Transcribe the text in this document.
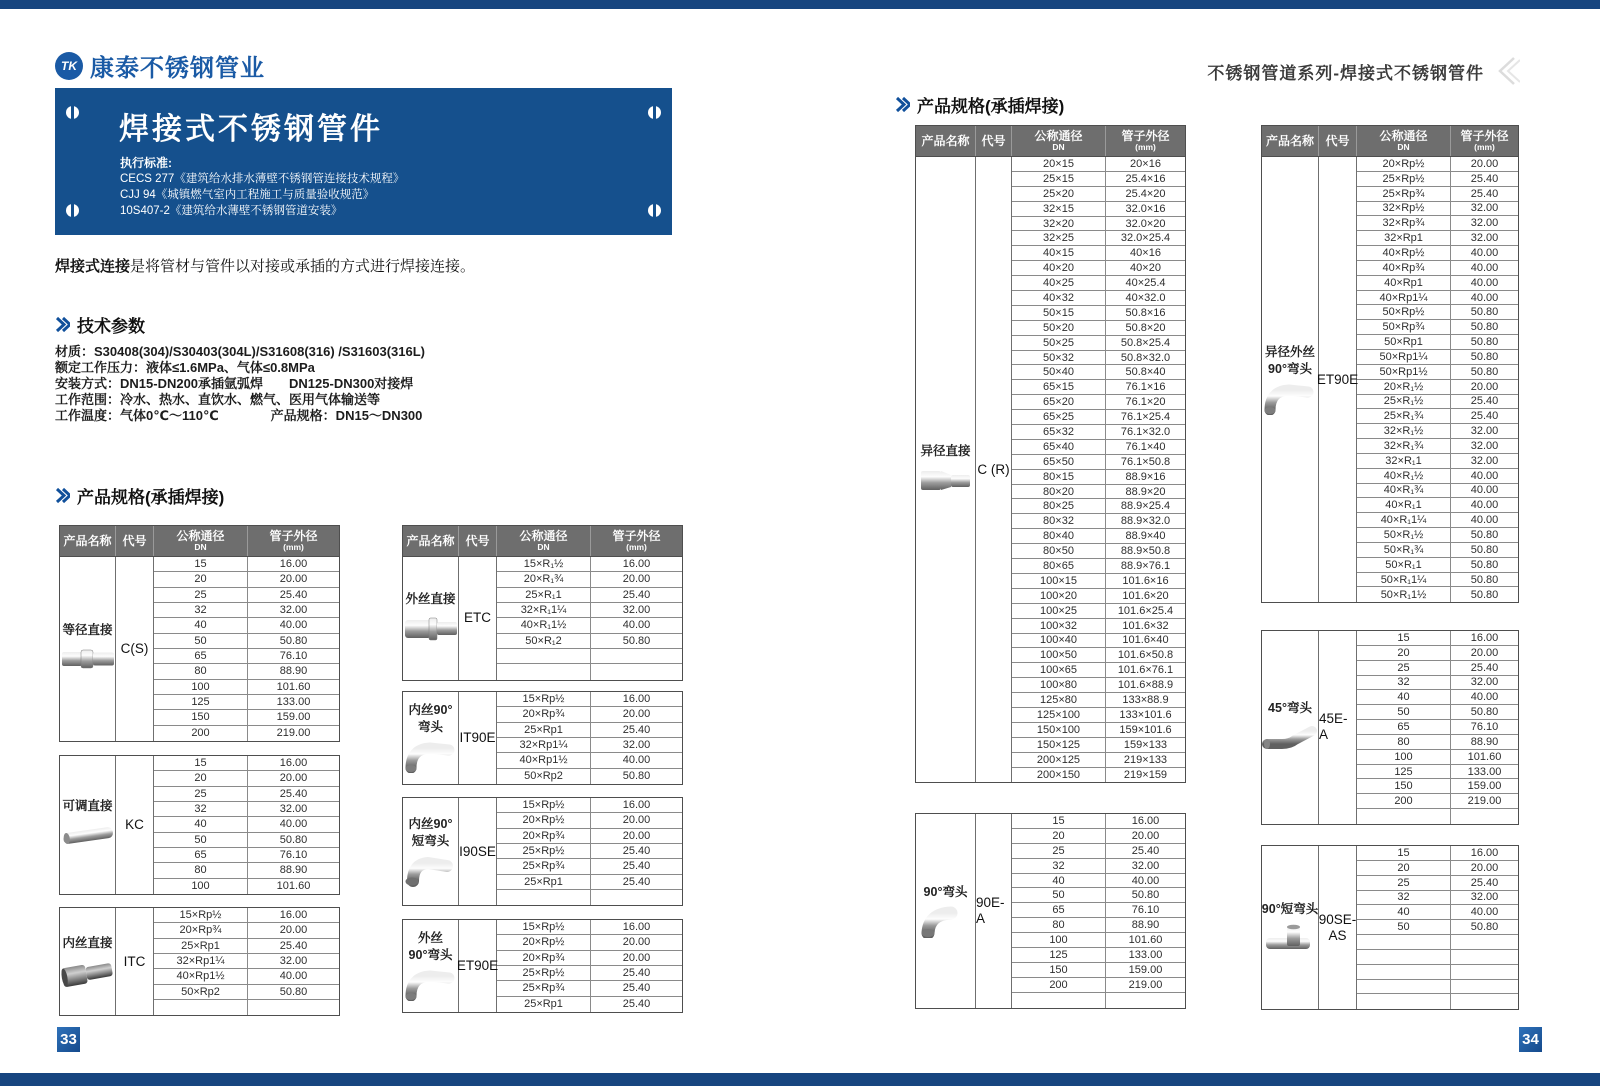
TK 康泰不锈钢管业	不锈钢管道系列-焊接式不锈钢管件
焊接式不锈钢管件
执行标准:
CECS 277《建筑给水排水薄壁不锈钢管连接技术规程》
CJJ 94《城镇燃气室内工程施工与质量验收规范》
10S407-2《建筑给水薄壁不锈钢管道安装》
焊接式连接是将管材与管件以对接或承插的方式进行焊接连接。
技术参数
材质：S30408(304)/S30403(304L)/S31608(316) /S31603(316L)
额定工作压力：液体≤1.6MPa、气体≤0.8MPa
安装方式：DN15-DN200承插氩弧焊　　DN125-DN300对接焊
工作范围：冷水、热水、直饮水、燃气、医用气体输送等
工作温度：气体0℃～110℃　　　　产品规格：DN15～DN300
产品规格(承插焊接)
产品规格(承插焊接)
产品名称 代号 公称通径
DN
管子外径
(mm)
等径直接
C(S)
15	16.00
20	20.00
25	25.40
32	32.00
40	40.00
50	50.80
65	76.10
80	88.90
100	101.60
125	133.00
150	159.00
200	219.00
可调直接
KC
15	16.00
20	20.00
25	25.40
32	32.00
40	40.00
50	50.80
65	76.10
80	88.90
100	101.60
内丝直接
ITC
15×Rp½	16.00
20×Rp¾	20.00
25×Rp1	25.40
32×Rp1¼	32.00
40×Rp1½	40.00
50×Rp2	50.80
产品名称 代号 公称通径
DN
管子外径
(mm)
外丝直接
ETC
15×R₁½	16.00
20×R₁¾	20.00
25×R₁1	25.40
32×R₁1¼	32.00
40×R₁1½	40.00
50×R₁2	50.80
内丝90°
弯头
IT90E
15×Rp½	16.00
20×Rp¾	20.00
25×Rp1	25.40
32×Rp1¼	32.00
40×Rp1½	40.00
50×Rp2	50.80
内丝90°
短弯头
I90SE
15×Rp½	16.00
20×Rp½	20.00
20×Rp¾	20.00
25×Rp½	25.40
25×Rp¾	25.40
25×Rp1	25.40
外丝
90°弯头
ET90E
15×Rp½	16.00
20×Rp½	20.00
20×Rp¾	20.00
25×Rp½	25.40
25×Rp¾	25.40
25×Rp1	25.40
产品名称 代号 公称通径
DN
管子外径
(mm)
异径直接
C (R)
20×15	20×16
25×15	25.4×16
25×20	25.4×20
32×15	32.0×16
32×20	32.0×20
32×25	32.0×25.4
40×15	40×16
40×20	40×20
40×25	40×25.4
40×32	40×32.0
50×15	50.8×16
50×20	50.8×20
50×25	50.8×25.4
50×32	50.8×32.0
50×40	50.8×40
65×15	76.1×16
65×20	76.1×20
65×25	76.1×25.4
65×32	76.1×32.0
65×40	76.1×40
65×50	76.1×50.8
80×15	88.9×16
80×20	88.9×20
80×25	88.9×25.4
80×32	88.9×32.0
80×40	88.9×40
80×50	88.9×50.8
80×65	88.9×76.1
100×15	101.6×16
100×20	101.6×20
100×25	101.6×25.4
100×32	101.6×32
100×40	101.6×40
100×50	101.6×50.8
100×65	101.6×76.1
100×80	101.6×88.9
125×80	133×88.9
125×100	133×101.6
150×100	159×101.6
150×125	159×133
200×125	219×133
200×150	219×159
90°弯头
90E-A
15	16.00
20	20.00
25	25.40
32	32.00
40	40.00
50	50.80
65	76.10
80	88.90
100	101.60
125	133.00
150	159.00
200	219.00
产品名称 代号 公称通径
DN
管子外径
(mm)
异径外丝
90°弯头
ET90E
20×Rp½	20.00
25×Rp½	25.40
25×Rp¾	25.40
32×Rp½	32.00
32×Rp¾	32.00
32×Rp1	32.00
40×Rp½	40.00
40×Rp¾	40.00
40×Rp1	40.00
40×Rp1¼	40.00
50×Rp½	50.80
50×Rp¾	50.80
50×Rp1	50.80
50×Rp1¼	50.80
50×Rp1½	50.80
20×R₁½	20.00
25×R₁½	25.40
25×R₁¾	25.40
32×R₁½	32.00
32×R₁¾	32.00
32×R₁1	32.00
40×R₁½	40.00
40×R₁¾	40.00
40×R₁1	40.00
40×R₁1¼	40.00
50×R₁½	50.80
50×R₁¾	50.80
50×R₁1	50.80
50×R₁1¼	50.80
50×R₁1½	50.80
45°弯头
45E-A
15	16.00
20	20.00
25	25.40
32	32.00
40	40.00
50	50.80
65	76.10
80	88.90
100	101.60
125	133.00
150	159.00
200	219.00
90°短弯头
90SE-
AS
15	16.00
20	20.00
25	25.40
32	32.00
40	40.00
50	50.80
33	34
